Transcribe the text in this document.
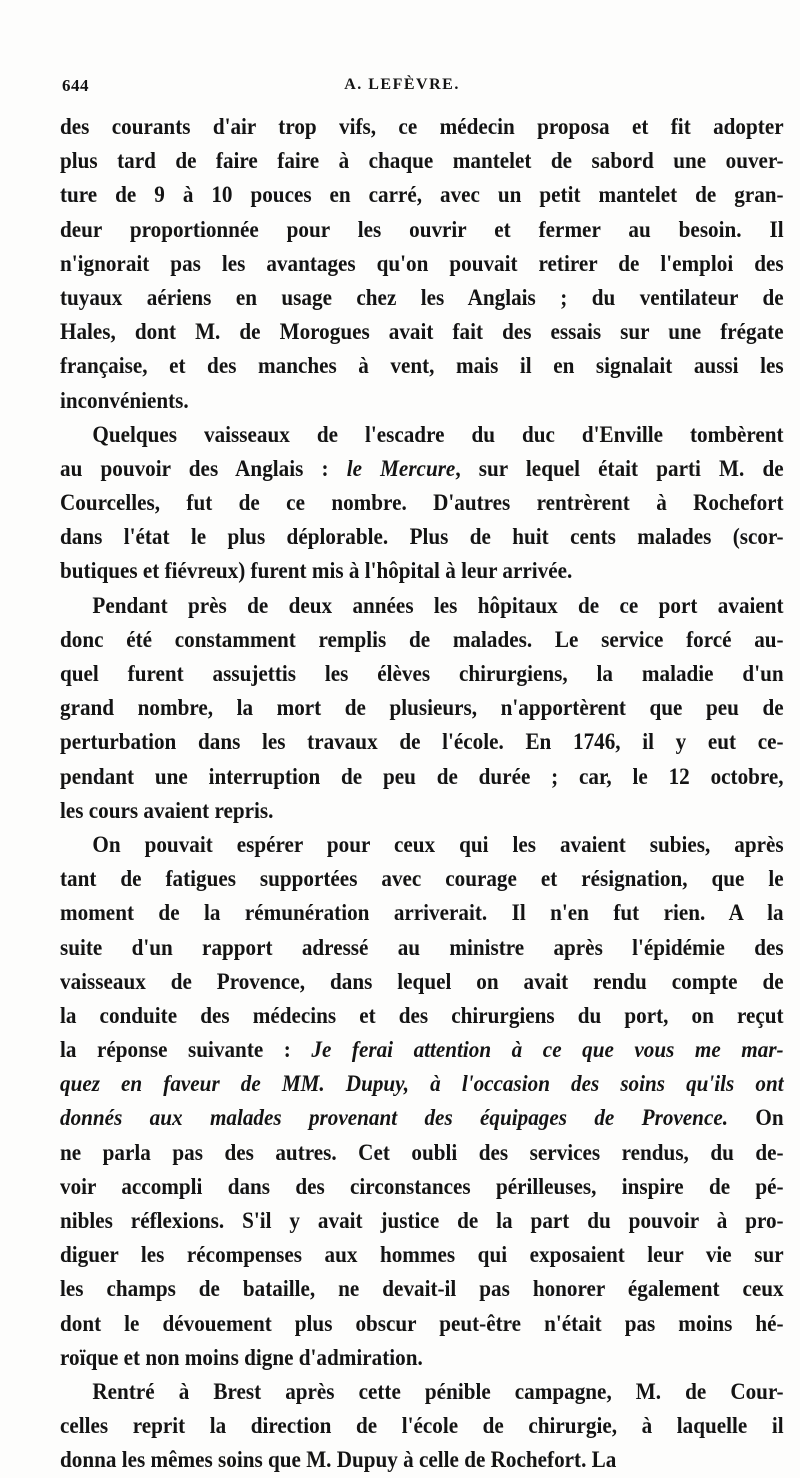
644	A. LEFÈVRE.
des courants d'air trop vifs, ce médecin proposa et fit adopter
plus tard de faire faire à chaque mantelet de sabord une ouver-
ture de 9 à 10 pouces en carré, avec un petit mantelet de gran-
deur proportionnée pour les ouvrir et fermer au besoin. Il
n'ignorait pas les avantages qu'on pouvait retirer de l'emploi des
tuyaux aériens en usage chez les Anglais ; du ventilateur de
Hales, dont M. de Morogues avait fait des essais sur une frégate
française, et des manches à vent, mais il en signalait aussi les
inconvénients.
Quelques vaisseaux de l'escadre du duc d'Enville tombèrent
au pouvoir des Anglais : le Mercure, sur lequel était parti M. de
Courcelles, fut de ce nombre. D'autres rentrèrent à Rochefort
dans l'état le plus déplorable. Plus de huit cents malades (scor-
butiques et fiévreux) furent mis à l'hôpital à leur arrivée.
Pendant près de deux années les hôpitaux de ce port avaient
donc été constamment remplis de malades. Le service forcé au-
quel furent assujettis les élèves chirurgiens, la maladie d'un
grand nombre, la mort de plusieurs, n'apportèrent que peu de
perturbation dans les travaux de l'école. En 1746, il y eut ce-
pendant une interruption de peu de durée ; car, le 12 octobre,
les cours avaient repris.
On pouvait espérer pour ceux qui les avaient subies, après
tant de fatigues supportées avec courage et résignation, que le
moment de la rémunération arriverait. Il n'en fut rien. A la
suite d'un rapport adressé au ministre après l'épidémie des
vaisseaux de Provence, dans lequel on avait rendu compte de
la conduite des médecins et des chirurgiens du port, on reçut
la réponse suivante : Je ferai attention à ce que vous me mar-
quez en faveur de MM. Dupuy, à l'occasion des soins qu'ils ont
donnés aux malades provenant des équipages de Provence. On
ne parla pas des autres. Cet oubli des services rendus, du de-
voir accompli dans des circonstances périlleuses, inspire de pé-
nibles réflexions. S'il y avait justice de la part du pouvoir à pro-
diguer les récompenses aux hommes qui exposaient leur vie sur
les champs de bataille, ne devait-il pas honorer également ceux
dont le dévouement plus obscur peut-être n'était pas moins hé-
roïque et non moins digne d'admiration.
Rentré à Brest après cette pénible campagne, M. de Cour-
celles reprit la direction de l'école de chirurgie, à laquelle il
donna les mêmes soins que M. Dupuy à celle de Rochefort. La
